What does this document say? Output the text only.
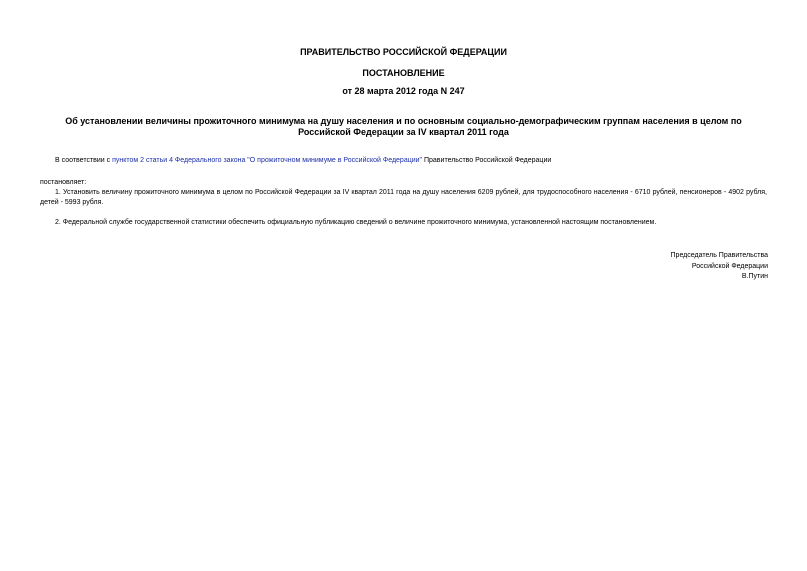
ПРАВИТЕЛЬСТВО РОССИЙСКОЙ ФЕДЕРАЦИИ
ПОСТАНОВЛЕНИЕ
от 28 марта 2012 года N 247
Об установлении величины прожиточного минимума на душу населения и по основным социально-демографическим группам населения в целом по Российской Федерации за IV квартал 2011 года
В соответствии с пунктом 2 статьи 4 Федерального закона "О прожиточном минимуме в Российской Федерации" Правительство Российской Федерации
постановляет:
1. Установить величину прожиточного минимума в целом по Российской Федерации за IV квартал 2011 года на душу населения 6209 рублей, для трудоспособного населения - 6710 рублей, пенсионеров - 4902 рубля, детей - 5993 рубля.
2. Федеральной службе государственной статистики обеспечить официальную публикацию сведений о величине прожиточного минимума, установленной настоящим постановлением.
Председатель Правительства
Российской Федерации
В.Путин
